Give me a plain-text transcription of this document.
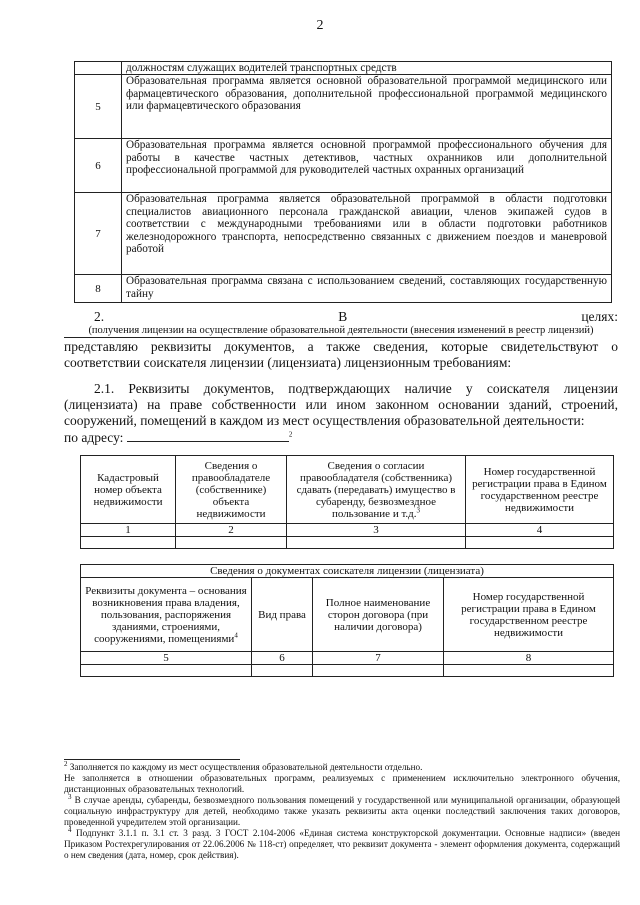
2
	должностям служащих водителей транспортных средств
5	Образовательная программа является основной образовательной программой медицинского или фармацевтического образования, дополнительной профессиональной программой медицинского или фармацевтического образования
6	Образовательная программа является основной программой профессионального обучения для работы в качестве частных детективов, частных охранников или дополнительной профессиональной программой для руководителей частных охранных организаций
7	Образовательная программа является образовательной программой в области подготовки специалистов авиационного персонала гражданской авиации, членов экипажей судов в соответствии с международными требованиями или в области подготовки работников железнодорожного транспорта, непосредственно связанных с движением поездов и маневровой работой
8	Образовательная программа связана с использованием сведений, составляющих государственную тайну
2. В целях:
(получения лицензии на осуществление образовательной деятельности (внесения изменений в реестр лицензий)
представляю реквизиты документов, а также сведения, которые свидетельствуют о соответствии соискателя лицензии (лицензиата) лицензионным требованиям:
2.1. Реквизиты документов, подтверждающих наличие у соискателя лицензии (лицензиата) на праве собственности или ином законном основании зданий, строений, сооружений, помещений в каждом из мест осуществления образовательной деятельности:
по адресу:	$^2$
Кадастровый номер объекта недвижимости	Сведения о правообладателе (собственнике) объекта недвижимости	Сведения о согласии правообладателя (собственника) сдавать (передавать) имущество в субаренду, безвозмездное пользование и т.д.$^3$	Номер государственной регистрации права в Едином государственном реестре недвижимости
1	2	3	4

Сведения о документах соискателя лицензии (лицензиата)			
Реквизиты документа – основания возникновения права владения, пользования, распоряжения зданиями, строениями, сооружениями, помещениями$^4$	Вид права	Полное наименование сторон договора (при наличии договора)	Номер государственной регистрации права в Едином государственном реестре недвижимости
5	6	7	8

$^2$ Заполняется по каждому из мест осуществления образовательной деятельности отдельно.

Не заполняется в отношении образовательных программ, реализуемых с применением исключительно электронного обучения, дистанционных образовательных технологий.

$^3$ В случае аренды, субаренды, безвозмездного пользования помещений у государственной или муниципальной организации, образующей социальную инфраструктуру для детей, необходимо также указать реквизиты акта оценки последствий заключения таких договоров, проведенной учредителем этой организации.

$^4$ Подпункт 3.1.1 п. 3.1 ст. 3 разд. 3 ГОСТ 2.104-2006 «Единая система конструкторской документации. Основные надписи» (введен Приказом Ростехрегулирования от 22.06.2006 № 118-ст) определяет, что реквизит документа - элемент оформления документа, содержащий о нем сведения (дата, номер, срок действия).
